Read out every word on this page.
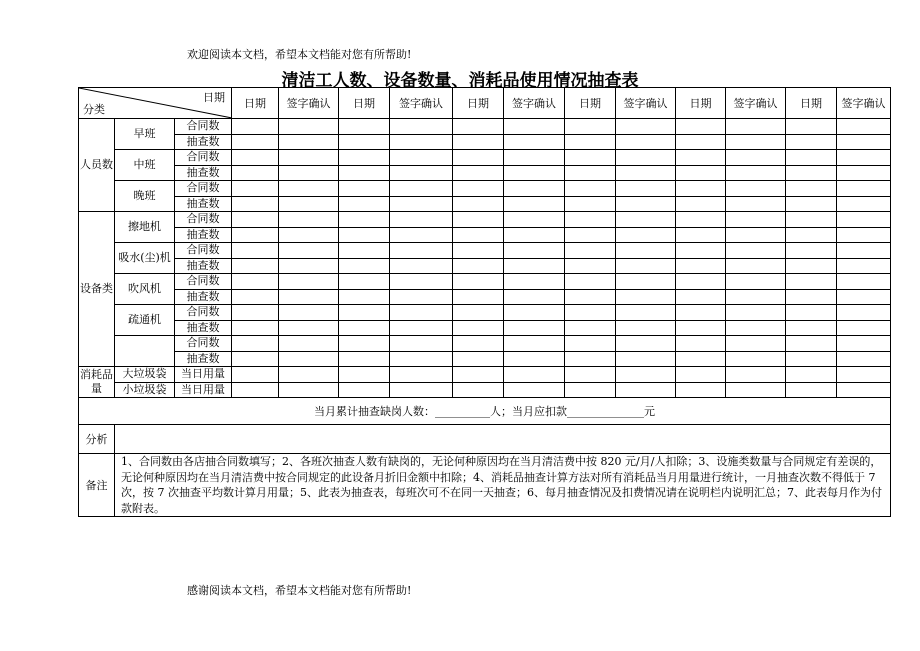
欢迎阅读本文档，希望本文档能对您有所帮助!
清洁工人数、设备数量、消耗品使用情况抽查表
日期
分类			日期	签字确认	日期	签字确认	日期	签字确认	日期	签字确认	日期	签字确认	日期	签字确认
人员数	早班	合同数												
		抽查数												
	中班	合同数												
		抽查数												
	晚班	合同数												
		抽查数												
设备类	擦地机	合同数												
		抽查数												
	吸水(尘)机	合同数												
		抽查数												
	吹风机	合同数												
		抽查数												
	疏通机	合同数												
		抽查数												
		合同数												
		抽查数												
消耗品量	大垃圾袋	当日用量												
	小垃圾袋	当日用量												
当月累计抽查缺岗人数：__________人；当月应扣款______________元														
分析														
备注	1、合同数由各店抽合同数填写；2、各班次抽查人数有缺岗的，无论何种原因均在当月清洁费中按 820 元/月/人扣除；3、设施类数量与合同规定有差误的，无论何种原因均在当月清洁费中按合同规定的此设备月折旧金额中扣除；4、消耗品抽查计算方法对所有消耗品当月用量进行统计，一月抽查次数不得低于 7 次，按 7 次抽查平均数计算月用量；5、此表为抽查表，每班次可不在同一天抽查；6、每月抽查情况及扣费情况请在说明栏内说明汇总；7、此表每月作为付款附表。													
感谢阅读本文档，希望本文档能对您有所帮助!
